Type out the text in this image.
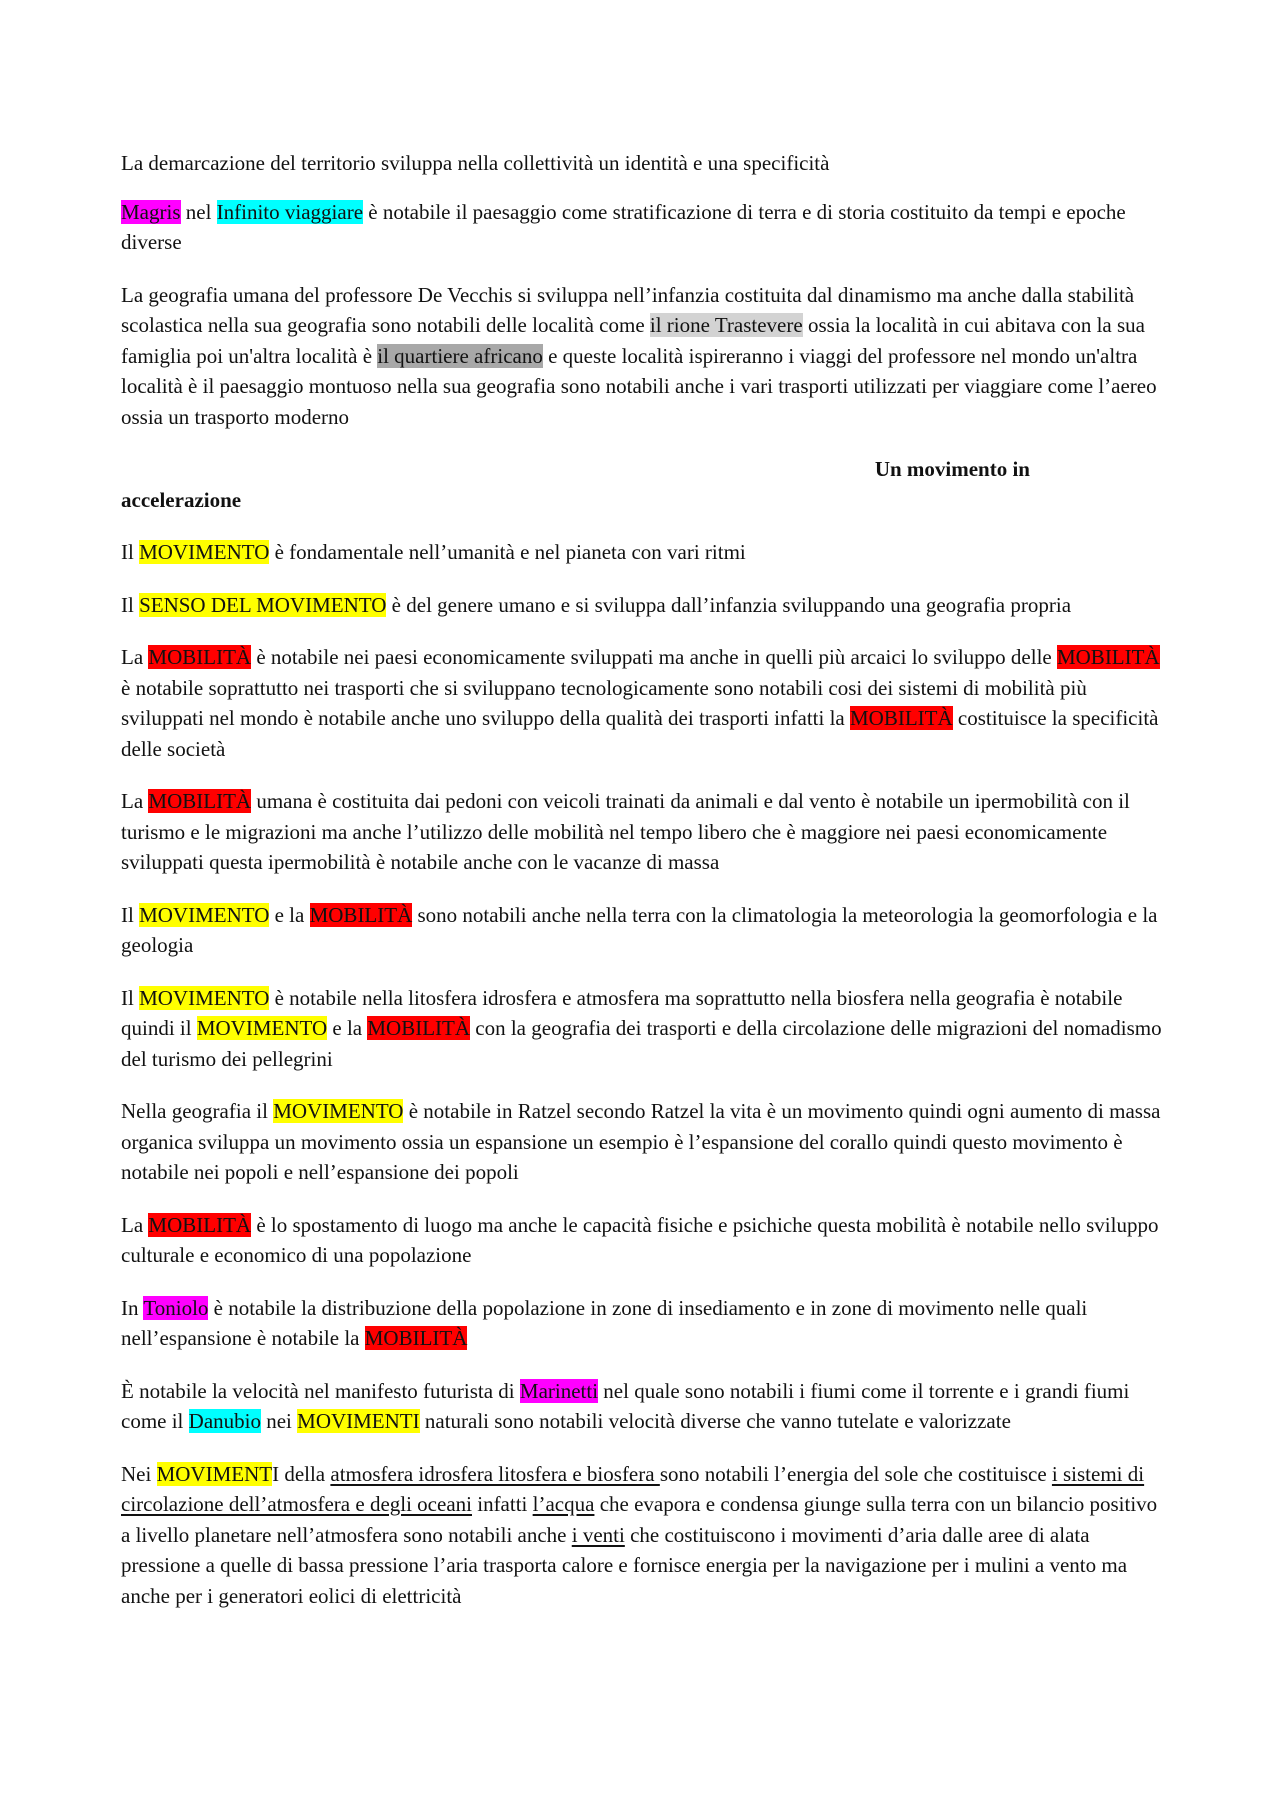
La demarcazione del territorio sviluppa nella collettività un identità e una specificità

Magris nel Infinito viaggiare è notabile il paesaggio come stratificazione di terra e di storia costituito da tempi e epoche diverse

La geografia umana del professore De Vecchis si sviluppa nell’infanzia costituita dal dinamismo ma anche dalla stabilità scolastica nella sua geografia sono notabili delle località come il rione Trastevere ossia la località in cui abitava con la sua famiglia poi un'altra località è il quartiere africano e queste località ispireranno i viaggi del professore nel mondo un'altra località è il paesaggio montuoso nella sua geografia sono notabili anche i vari trasporti utilizzati per viaggiare come l’aereo ossia un trasporto moderno

Un movimento in
accelerazione

Il MOVIMENTO è fondamentale nell’umanità e nel pianeta con vari ritmi

Il SENSO DEL MOVIMENTO è del genere umano e si sviluppa dall’infanzia sviluppando una geografia propria

La MOBILITÀ è notabile nei paesi economicamente sviluppati ma anche in quelli più arcaici lo sviluppo delle MOBILITÀ è notabile soprattutto nei trasporti che si sviluppano tecnologicamente sono notabili cosi dei sistemi di mobilità più sviluppati nel mondo è notabile anche uno sviluppo della qualità dei trasporti infatti la MOBILITÀ costituisce la specificità delle società

La MOBILITÀ umana è costituita dai pedoni con veicoli trainati da animali e dal vento è notabile un ipermobilità con il turismo e le migrazioni ma anche l’utilizzo delle mobilità nel tempo libero che è maggiore nei paesi economicamente sviluppati questa ipermobilità è notabile anche con le vacanze di massa

Il MOVIMENTO e la MOBILITÀ sono notabili anche nella terra con la climatologia la meteorologia la geomorfologia e la geologia

Il MOVIMENTO è notabile nella litosfera idrosfera e atmosfera ma soprattutto nella biosfera nella geografia è notabile quindi il MOVIMENTO e la MOBILITÀ con la geografia dei trasporti e della circolazione delle migrazioni del nomadismo del turismo dei pellegrini

Nella geografia il MOVIMENTO è notabile in Ratzel secondo Ratzel la vita è un movimento quindi ogni aumento di massa organica sviluppa un movimento ossia un espansione un esempio è l’espansione del corallo quindi questo movimento è notabile nei popoli e nell’espansione dei popoli

La MOBILITÀ è lo spostamento di luogo ma anche le capacità fisiche e psichiche questa mobilità è notabile nello sviluppo culturale e economico di una popolazione

In Toniolo è notabile la distribuzione della popolazione in zone di insediamento e in zone di movimento nelle quali nell’espansione è notabile la MOBILITÀ

È notabile la velocità nel manifesto futurista di Marinetti nel quale sono notabili i fiumi come il torrente e i grandi fiumi come il Danubio nei MOVIMENTI naturali sono notabili velocità diverse che vanno tutelate e valorizzate

Nei MOVIMENTI della atmosfera idrosfera litosfera e biosfera sono notabili l’energia del sole che costituisce i sistemi di circolazione dell’atmosfera e degli oceani infatti l’acqua che evapora e condensa giunge sulla terra con un bilancio positivo a livello planetare nell’atmosfera sono notabili anche i venti che costituiscono i movimenti d’aria dalle aree di alata pressione a quelle di bassa pressione l’aria trasporta calore e fornisce energia per la navigazione per i mulini a vento ma anche per i generatori eolici di elettricità
